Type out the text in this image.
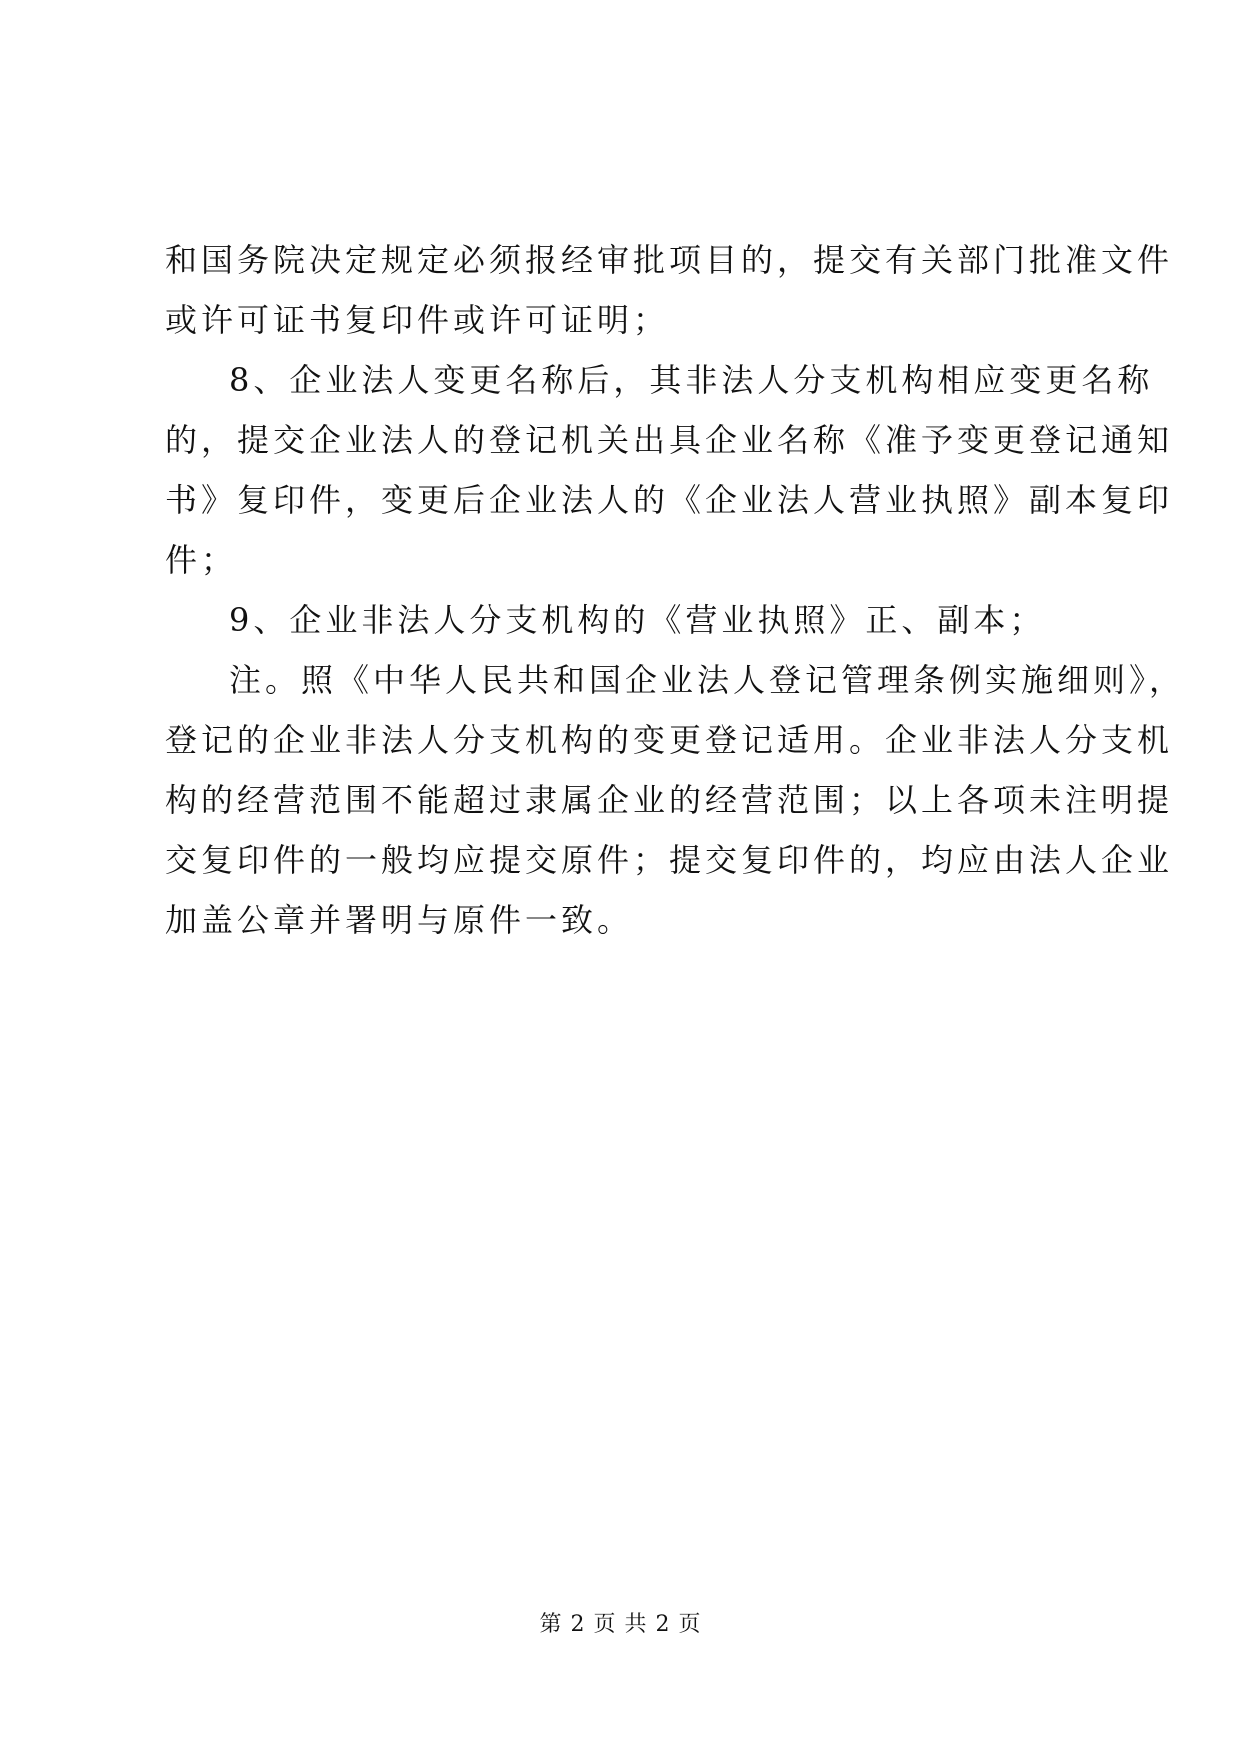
和国务院决定规定必须报经审批项目的，提交有关部门批准文件
或许可证书复印件或许可证明；

8、企业法人变更名称后，其非法人分支机构相应变更名称
的，提交企业法人的登记机关出具企业名称《准予变更登记通知
书》复印件，变更后企业法人的《企业法人营业执照》副本复印
件；

9、企业非法人分支机构的《营业执照》正、副本；

注。照《中华人民共和国企业法人登记管理条例实施细则》，
登记的企业非法人分支机构的变更登记适用。企业非法人分支机
构的经营范围不能超过隶属企业的经营范围；以上各项未注明提
交复印件的一般均应提交原件；提交复印件的，均应由法人企业
加盖公章并署明与原件一致。

第 2 页 共 2 页
